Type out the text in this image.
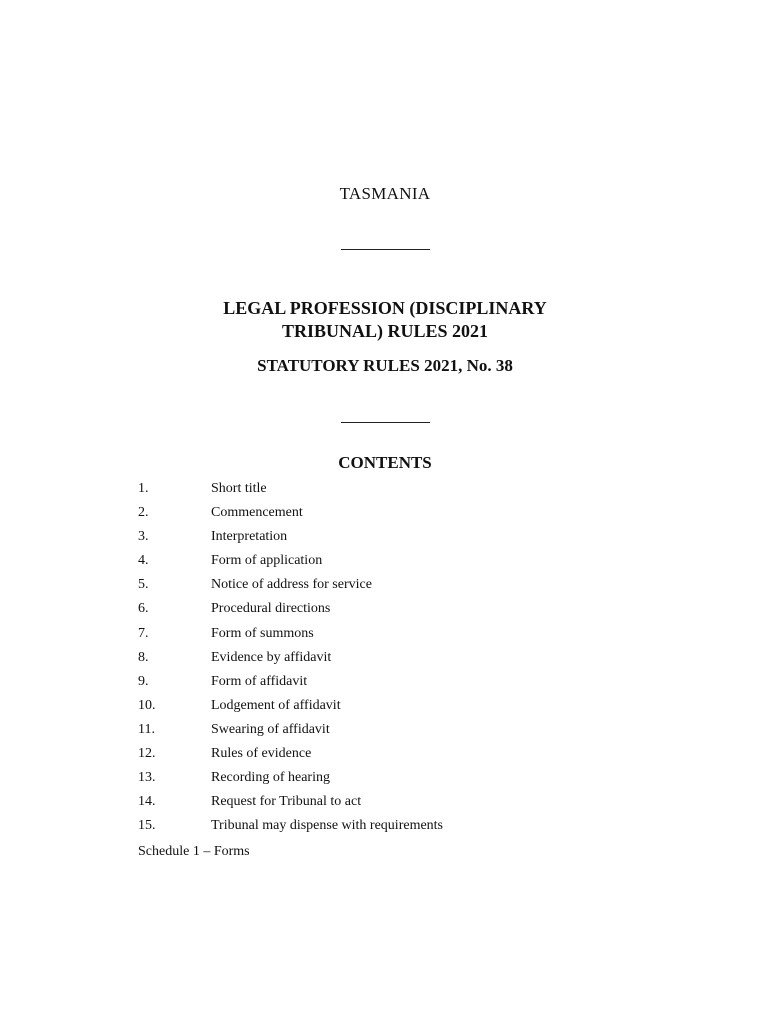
TASMANIA
LEGAL PROFESSION (DISCIPLINARY
TRIBUNAL) RULES 2021
STATUTORY RULES 2021, No. 38
CONTENTS
1.	Short title
2.	Commencement
3.	Interpretation
4.	Form of application
5.	Notice of address for service
6.	Procedural directions
7.	Form of summons
8.	Evidence by affidavit
9.	Form of affidavit
10.	Lodgement of affidavit
11.	Swearing of affidavit
12.	Rules of evidence
13.	Recording of hearing
14.	Request for Tribunal to act
15.	Tribunal may dispense with requirements
Schedule 1 – Forms
